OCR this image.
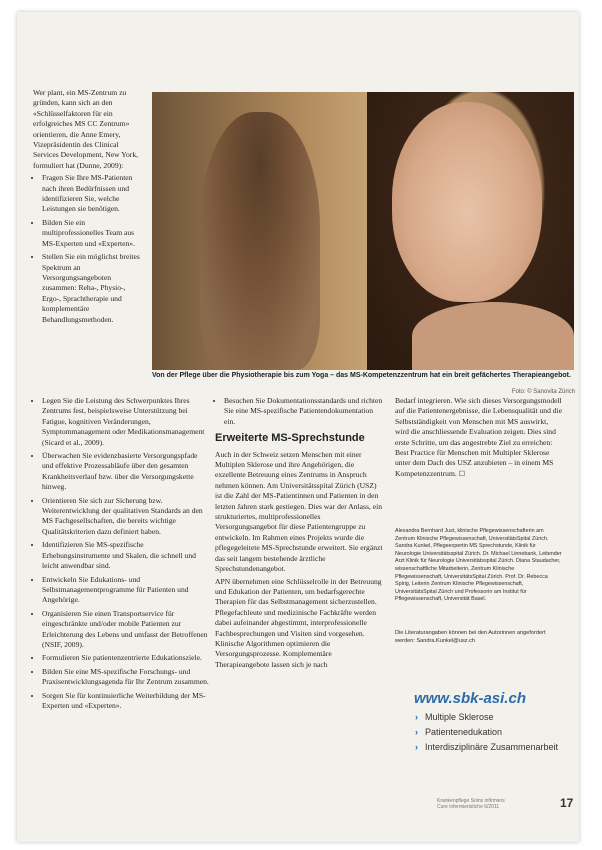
Von der Pflege über die Physiotherapie bis zum Yoga – das MS-Kompetenzzentrum hat ein breit gefächertes Therapieangebot.
Foto: © Sanovita Zürich

Wer plant, ein MS-Zentrum zu gründen, kann sich an den «Schlüsselfaktoren für ein erfolgreiches MS CC Zentrum» orientieren, die Anne Emery, Vizepräsidentin des Clinical Services Development, New York, formuliert hat (Dunne, 2009):

• Fragen Sie Ihre MS-Patienten nach ihren Bedürfnissen und identifizieren Sie, welche Leistungen sie benötigen.
• Bilden Sie ein multiprofessionelles Team aus MS-Experten und «Experten».
• Stellen Sie ein möglichst breites Spektrum an Versorgungsangeboten zusammen: Reha-, Physio-, Ergo-, Sprachtherapie und komplementäre Behandlungsmethoden.
• Legen Sie die Leistung des Schwerpunktes Ihres Zentrums fest, beispielsweise Unterstützung bei Fatigue, kognitiven Veränderungen, Symptommanagement oder Medikationsmanagement (Sicard et al., 2009).
• Überwachen Sie evidenzbasierte Versorgungspfade und effektive Prozessabläufe über den gesamten Krankheitsverlauf bzw. über die Versorgungskette hinweg.
• Orientieren Sie sich zur Sicherung bzw. Weiterentwicklung der qualitativen Standards an den MS Fachgesellschaften, die bereits wichtige Qualitätskriterien dazu definiert haben.
• Identifizieren Sie MS-spezifische Erhebungsinstrumente und Skalen, die schnell und leicht anwendbar sind.
• Entwickeln Sie Edukations- und Selbstmanagementprogramme für Patienten und Angehörige.
• Organisieren Sie einen Transportservice für eingeschränkte und/oder mobile Patienten zur Erleichterung des Lebens und umfasst der Betroffenen (NSIF, 2009).
• Formulieren Sie patientenzentrierte Edukationsziele.
• Bilden Sie eine MS-spezifische Forschungs- und Praxisentwicklungsagenda für Ihr Zentrum zusammen.
• Sorgen Sie für kontinuierliche Weiterbildung der MS-Experten und «Experten».
• Besuchen Sie Dokumentationsstandards und richten Sie eine MS-spezifische Patientendokumentation ein.
Erweiterte MS-Sprechstunde

Auch in der Schweiz setzen Menschen mit einer Multiplen Sklerose und ihre Angehörigen, die exzellente Betreuung eines Zentrums in Anspruch nehmen können. Am Universitätsspital Zürich (USZ) ist die Zahl der MS-Patientinnen und Patienten in den letzten Jahren stark gestiegen. Dies war der Anlass, ein strukturiertes, multiprofessionelles Versorgungsangebot für diese Patientengruppe zu entwickeln. Im Rahmen eines Projekts wurde die pflegegeleitete MS-Sprechstunde erweitert. Sie ergänzt das seit langem bestehende ärztliche Sprechstundenangebot.

APN übernehmen eine Schlüsselrolle in der Betreuung und Edukation der Patienten, um bedarfsgerechte Therapien für das Selbstmanagement sicherzustellen. Pflegefachleute und medizinische Fachkräfte werden dabei aufeinander abgestimmt, interprofessionelle Fachbesprechungen und Visiten sind vorgesehen. Klinische Algorithmen optimieren die Versorgungsprozesse. Komplementäre Therapieangebote lassen sich je nach

Bedarf integrieren. Wie sich dieses Versorgungsmodell auf die Patientenergebnisse, die Lebensqualität und die Selbstständigkeit von Menschen mit MS auswirkt, wird die anschliessende Evaluation zeigen. Dies sind erste Schritte, um das angestrebte Ziel zu erreichen: Best Practice für Menschen mit Multipler Sklerose unter dem Dach des USZ anzubieten – in einem MS Kompetenzzentrum. ☐

Alexandra Bernhard Just, klinische Pflegewissenschafterin am Zentrum Klinische Pflegewissenschaft, UniversitätsSpital Zürich. Sandra Kunkel, Pflegeexpertin MS Sprechstunde, Klinik für Neurologie Universitätsspital Zürich. Dr. Michael Linnebank, Leitender Arzt Klinik für Neurologie Universitätsspital Zürich. Diana Staudacher, wissenschaftliche Mitarbeiterin, Zentrum Klinische Pflegewissenschaft, UniversitätsSpital Zürich. Prof. Dr. Rebecca Spirig, Leiterin Zentrum Klinische Pflegewissenschaft, UniversitätsSpital Zürich und Professorin am Institut für Pflegewissenschaft, Universität Basel.
Die Literaturangaben können bei den Autorinnen angefordert werden: Sandra.Kunkel@usz.ch
www.sbk-asi.ch
› Multiple Sklerose
› Patientenedukation
› Interdisziplinäre Zusammenarbeit
Krankenpflege Soins infirmiers
Cure infermieristiche 6/2011	17
